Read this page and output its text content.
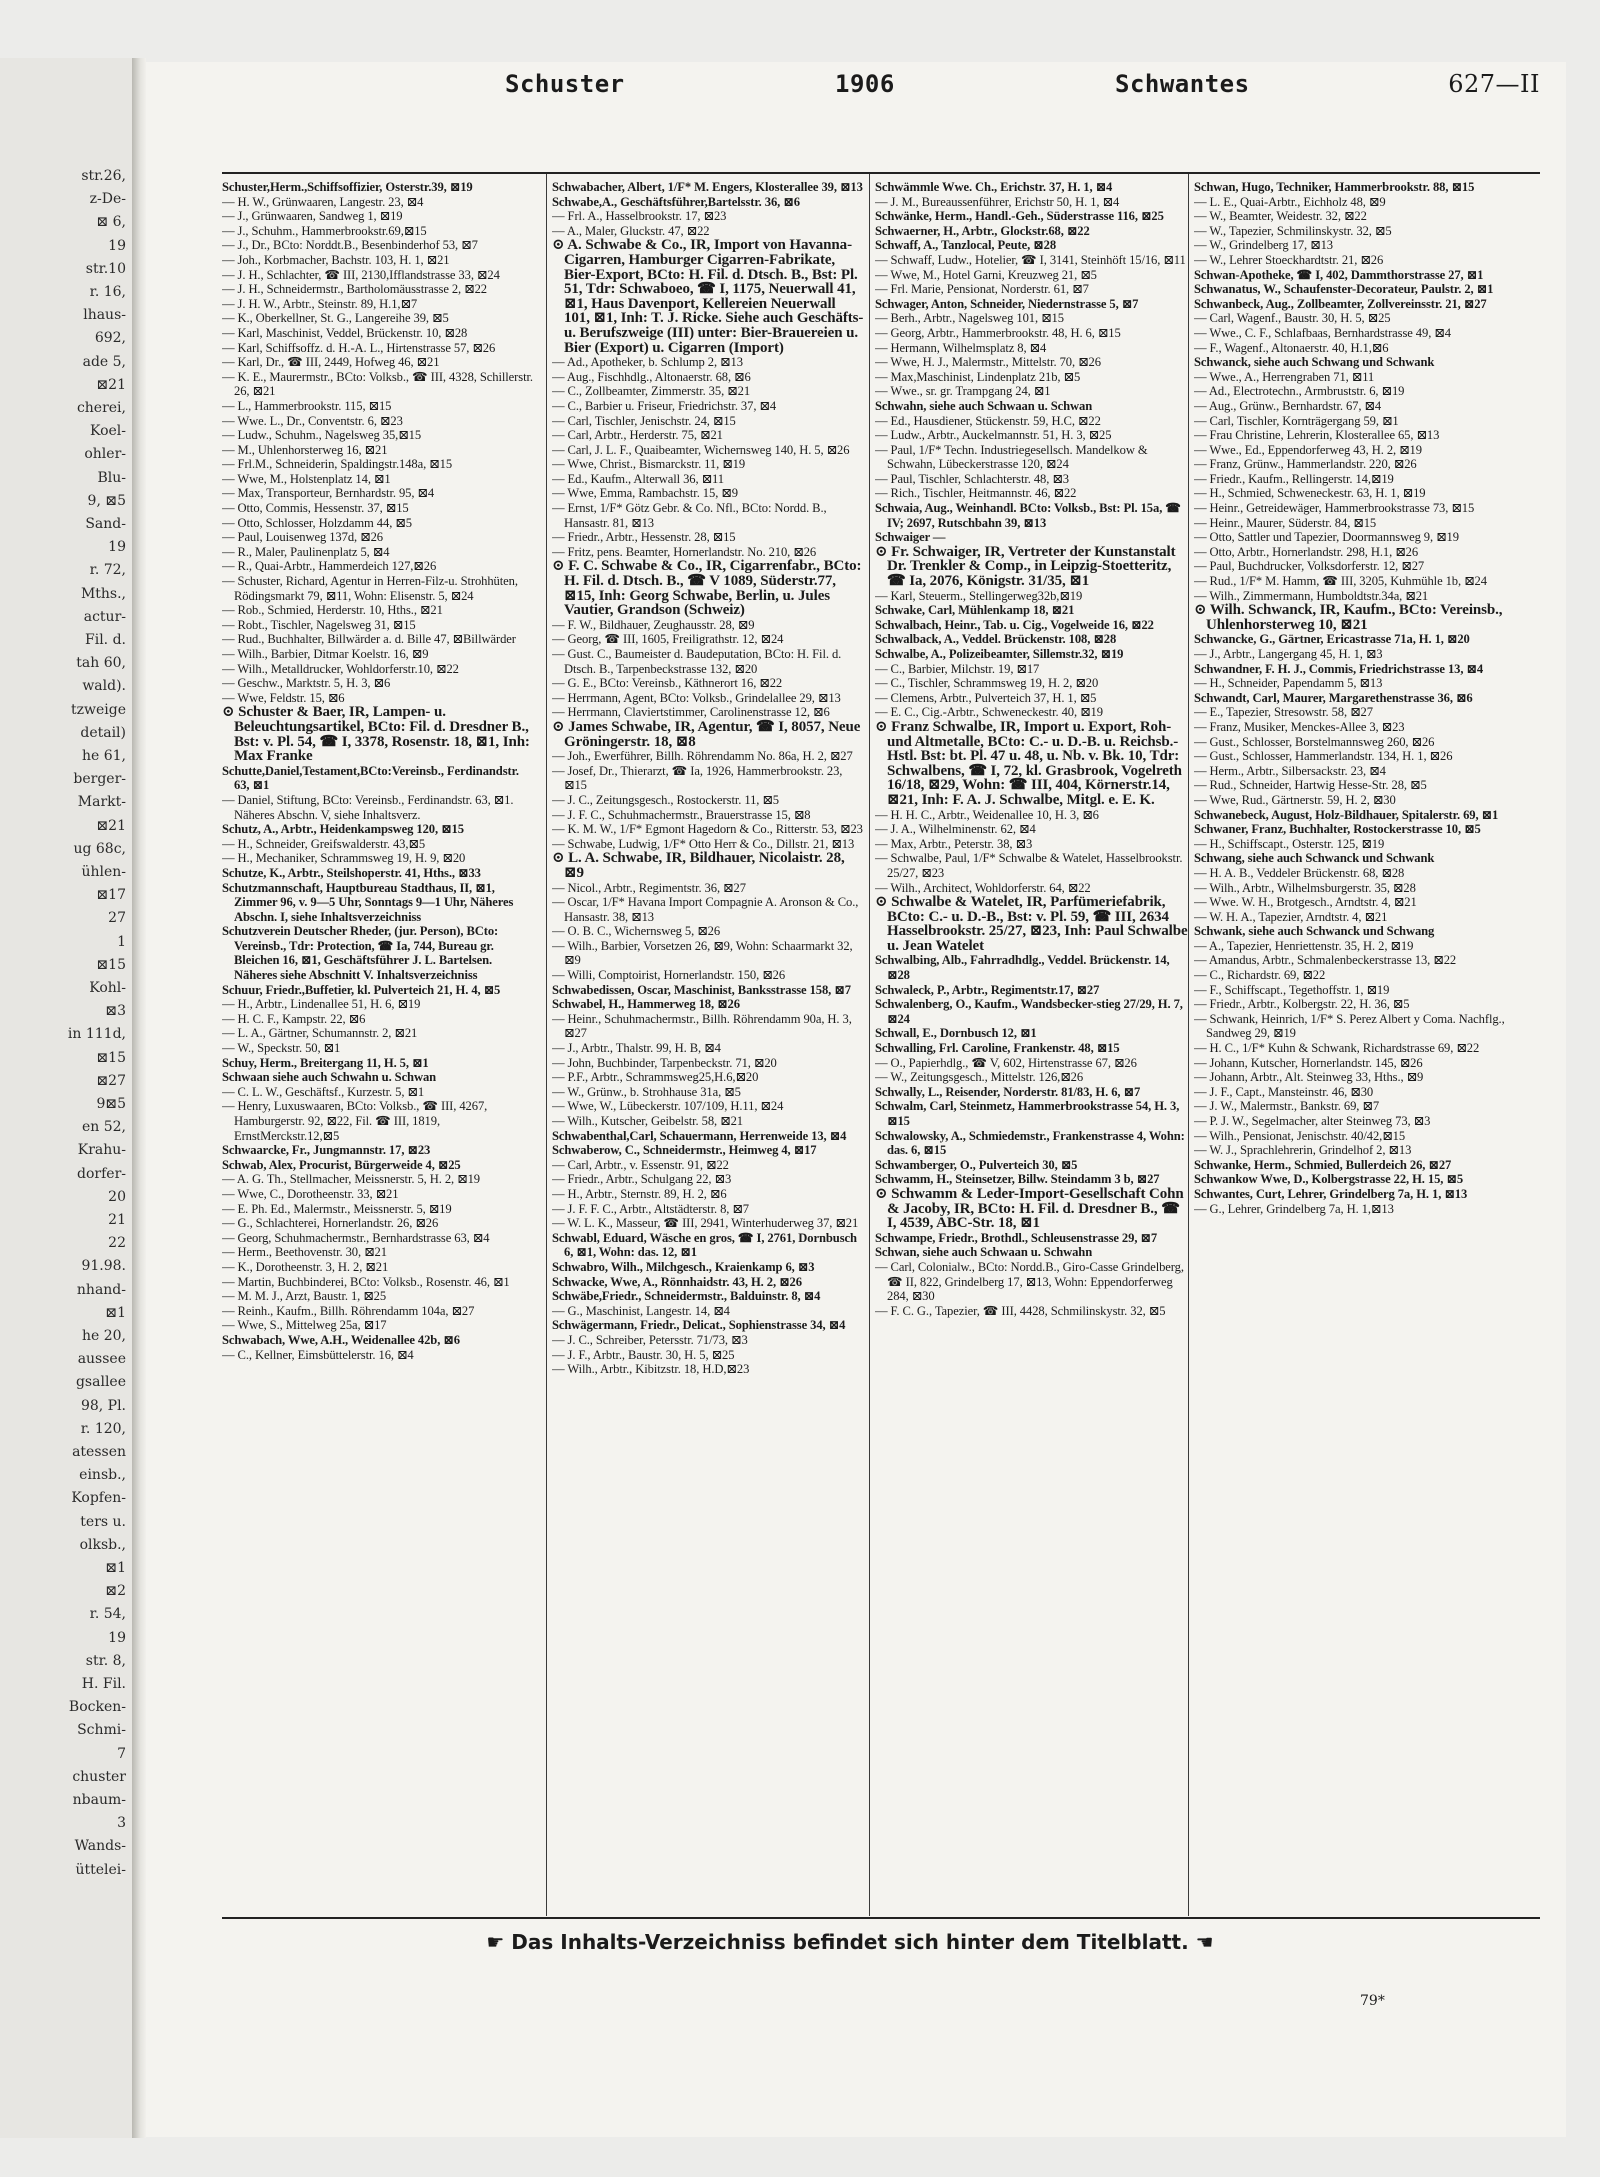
str.26,
z-De-
⊠ 6,
19
str.10
r. 16,
lhaus-
692,
ade 5,
⊠21
cherei,
Koel-
ohler-
Blu-
9, ⊠5
Sand-
19
r. 72,
Mths.,
actur-
Fil. d.
tah 60,
wald).
tzweige
detail)
he 61,
berger-
Markt-
⊠21
ug 68c,
ühlen-
⊠17
27
1
⊠15
Kohl-
⊠3
in 111d,
⊠15
⊠27
9⊠5
en 52,
Krahu-
dorfer-
20
21
22
91.98.
nhand-
⊠1
he 20,
aussee
gsallee
98, Pl.
r. 120,
atessen
einsb.,
Kopfen-
ters u.
olksb.,
⊠1
⊠2
r. 54,
19
str. 8,
H. Fil.
Bocken-
Schmi-
7
chuster
nbaum-
3
Wands-
üttelei-
Schuster	1906	Schwantes	627—II

Schuster,Herm.,Schiffsoffizier, Osterstr.39, ⊠19

— H. W., Grünwaaren, Langestr. 23, ⊠4

— J., Grünwaaren, Sandweg 1, ⊠19

— J., Schuhm., Hammerbrookstr.69,⊠15

— J., Dr., BCto: Norddt.B., Besenbinderhof 53, ⊠7

— Joh., Korbmacher, Bachstr. 103, H. 1, ⊠21

— J. H., Schlachter, ☎ III, 2130,Ifflandstrasse 33, ⊠24

— J. H., Schneidermstr., Bartholomäusstrasse 2, ⊠22

— J. H. W., Arbtr., Steinstr. 89, H.1,⊠7

— K., Oberkellner, St. G., Langereihe 39, ⊠5

— Karl, Maschinist, Veddel, Brückenstr. 10, ⊠28

— Karl, Schiffsoffz. d. H.-A. L., Hirtenstrasse 57, ⊠26

— Karl, Dr., ☎ III, 2449, Hofweg 46, ⊠21

— K. E., Maurermstr., BCto: Volksb., ☎ III, 4328, Schillerstr. 26, ⊠21

— L., Hammerbrookstr. 115, ⊠15

— Wwe. L., Dr., Conventstr. 6, ⊠23

— Ludw., Schuhm., Nagelsweg 35,⊠15

— M., Uhlenhorsterweg 16, ⊠21

— Frl.M., Schneiderin, Spaldingstr.148a, ⊠15

— Wwe, M., Holstenplatz 14, ⊠1

— Max, Transporteur, Bernhardstr. 95, ⊠4

— Otto, Commis, Hessenstr. 37, ⊠15

— Otto, Schlosser, Holzdamm 44, ⊠5

— Paul, Louisenweg 137d, ⊠26

— R., Maler, Paulinenplatz 5, ⊠4

— R., Quai-Arbtr., Hammerdeich 127,⊠26

— Schuster, Richard, Agentur in Herren-Filz-u. Strohhüten, Rödingsmarkt 79, ⊠11, Wohn: Elisenstr. 5, ⊠24

— Rob., Schmied, Herderstr. 10, Hths., ⊠21

— Robt., Tischler, Nagelsweg 31, ⊠15

— Rud., Buchhalter, Billwärder a. d. Bille 47, ⊠Billwärder

— Wilh., Barbier, Ditmar Koelstr. 16, ⊠9

— Wilh., Metalldrucker, Wohldorferstr.10, ⊠22

— Geschw., Marktstr. 5, H. 3, ⊠6

— Wwe, Feldstr. 15, ⊠6

⊙ Schuster & Baer, IR, Lampen- u. Beleuchtungsartikel, BCto: Fil. d. Dresdner B., Bst: v. Pl. 54, ☎ I, 3378, Rosenstr. 18, ⊠1, Inh: Max Franke

Schutte,Daniel,Testament,BCto:Vereinsb., Ferdinandstr. 63, ⊠1

— Daniel, Stiftung, BCto: Vereinsb., Ferdinandstr. 63, ⊠1. Näheres Abschn. V, siehe Inhaltsverz.

Schutz, A., Arbtr., Heidenkampsweg 120, ⊠15

— H., Schneider, Greifswalderstr. 43,⊠5

— H., Mechaniker, Schrammsweg 19, H. 9, ⊠20

Schutze, K., Arbtr., Steilshoperstr. 41, Hths., ⊠33

Schutzmannschaft, Hauptbureau Stadthaus, II, ⊠1, Zimmer 96, v. 9—5 Uhr, Sonntags 9—1 Uhr, Näheres Abschn. I, siehe Inhaltsverzeichniss

Schutzverein Deutscher Rheder, (jur. Person), BCto: Vereinsb., Tdr: Protection, ☎ Ia, 744, Bureau gr. Bleichen 16, ⊠1, Geschäftsführer J. L. Bartelsen. Näheres siehe Abschnitt V. Inhaltsverzeichniss

Schuur, Friedr.,Buffetier, kl. Pulverteich 21, H. 4, ⊠5

— H., Arbtr., Lindenallee 51, H. 6, ⊠19

— H. C. F., Kampstr. 22, ⊠6

— L. A., Gärtner, Schumannstr. 2, ⊠21

— W., Speckstr. 50, ⊠1

Schuy, Herm., Breitergang 11, H. 5, ⊠1

Schwaan siehe auch Schwahn u. Schwan

— C. L. W., Geschäftsf., Kurzestr. 5, ⊠1

— Henry, Luxuswaaren, BCto: Volksb., ☎ III, 4267, Hamburgerstr. 92, ⊠22, Fil. ☎ III, 1819, ErnstMerckstr.12,⊠5

Schwaarcke, Fr., Jungmannstr. 17, ⊠23

Schwab, Alex, Procurist, Bürgerweide 4, ⊠25

— A. G. Th., Stellmacher, Meissnerstr. 5, H. 2, ⊠19

— Wwe, C., Dorotheenstr. 33, ⊠21

— E. Ph. Ed., Malermstr., Meissnerstr. 5, ⊠19

— G., Schlachterei, Hornerlandstr. 26, ⊠26

— Georg, Schuhmachermstr., Bernhardstrasse 63, ⊠4

— Herm., Beethovenstr. 30, ⊠21

— K., Dorotheenstr. 3, H. 2, ⊠21

— Martin, Buchbinderei, BCto: Volksb., Rosenstr. 46, ⊠1

— M. M. J., Arzt, Baustr. 1, ⊠25

— Reinh., Kaufm., Billh. Röhrendamm 104a, ⊠27

— Wwe, S., Mittelweg 25a, ⊠17

Schwabach, Wwe, A.H., Weidenallee 42b, ⊠6

— C., Kellner, Eimsbüttelerstr. 16, ⊠4

Schwabacher, Albert, 1/F* M. Engers, Klosterallee 39, ⊠13

Schwabe,A., Geschäftsführer,Bartelsstr. 36, ⊠6

— Frl. A., Hasselbrookstr. 17, ⊠23

— A., Maler, Gluckstr. 47, ⊠22

⊙ A. Schwabe & Co., IR, Import von Havanna-Cigarren, Hamburger Cigarren-Fabrikate, Bier-Export, BCto: H. Fil. d. Dtsch. B., Bst: Pl. 51, Tdr: Schwaboeo, ☎ I, 1175, Neuerwall 41, ⊠1, Haus Davenport, Kellereien Neuerwall 101, ⊠1, Inh: T. J. Ricke. Siehe auch Geschäfts- u. Berufszweige (III) unter: Bier-Brauereien u. Bier (Export) u. Cigarren (Import)

— Ad., Apotheker, b. Schlump 2, ⊠13

— Aug., Fischhdlg., Altonaerstr. 68, ⊠6

— C., Zollbeamter, Zimmerstr. 35, ⊠21

— C., Barbier u. Friseur, Friedrichstr. 37, ⊠4

— Carl, Tischler, Jenischstr. 24, ⊠15

— Carl, Arbtr., Herderstr. 75, ⊠21

— Carl, J. L. F., Quaibeamter, Wichernsweg 140, H. 5, ⊠26

— Wwe, Christ., Bismarckstr. 11, ⊠19

— Ed., Kaufm., Alterwall 36, ⊠11

— Wwe, Emma, Rambachstr. 15, ⊠9

— Ernst, 1/F* Götz Gebr. & Co. Nfl., BCto: Nordd. B., Hansastr. 81, ⊠13

— Friedr., Arbtr., Hessenstr. 28, ⊠15

— Fritz, pens. Beamter, Hornerlandstr. No. 210, ⊠26

⊙ F. C. Schwabe & Co., IR, Cigarrenfabr., BCto: H. Fil. d. Dtsch. B., ☎ V 1089, Süderstr.77, ⊠15, Inh: Georg Schwabe, Berlin, u. Jules Vautier, Grandson (Schweiz)

— F. W., Bildhauer, Zeughausstr. 28, ⊠9

— Georg, ☎ III, 1605, Freiligrathstr. 12, ⊠24

— Gust. C., Baumeister d. Baudeputation, BCto: H. Fil. d. Dtsch. B., Tarpenbeckstrasse 132, ⊠20

— G. E., BCto: Vereinsb., Käthnerort 16, ⊠22

— Herrmann, Agent, BCto: Volksb., Grindelallee 29, ⊠13

— Herrmann, Claviertstimmer, Carolinenstrasse 12, ⊠6

⊙ James Schwabe, IR, Agentur, ☎ I, 8057, Neue Gröningerstr. 18, ⊠8

— Joh., Ewerführer, Billh. Röhrendamm No. 86a, H. 2, ⊠27

— Josef, Dr., Thierarzt, ☎ Ia, 1926, Hammerbrookstr. 23, ⊠15

— J. C., Zeitungsgesch., Rostockerstr. 11, ⊠5

— J. F. C., Schuhmachermstr., Brauerstrasse 15, ⊠8

— K. M. W., 1/F* Egmont Hagedorn & Co., Ritterstr. 53, ⊠23

— Schwabe, Ludwig, 1/F* Otto Herr & Co., Dillstr. 21, ⊠13

⊙ L. A. Schwabe, IR, Bildhauer, Nicolaistr. 28, ⊠9

— Nicol., Arbtr., Regimentstr. 36, ⊠27

— Oscar, 1/F* Havana Import Compagnie A. Aronson & Co., Hansastr. 38, ⊠13

— O. B. C., Wichernsweg 5, ⊠26

— Wilh., Barbier, Vorsetzen 26, ⊠9, Wohn: Schaarmarkt 32, ⊠9

— Willi, Comptoirist, Hornerlandstr. 150, ⊠26

Schwabedissen, Oscar, Maschinist, Banksstrasse 158, ⊠7

Schwabel, H., Hammerweg 18, ⊠26

— Heinr., Schuhmachermstr., Billh. Röhrendamm 90a, H. 3, ⊠27

— J., Arbtr., Thalstr. 99, H. B, ⊠4

— John, Buchbinder, Tarpenbeckstr. 71, ⊠20

— P.F., Arbtr., Schrammsweg25,H.6,⊠20

— W., Grünw., b. Strohhause 31a, ⊠5

— Wwe, W., Lübeckerstr. 107/109, H.11, ⊠24

— Wilh., Kutscher, Geibelstr. 58, ⊠21

Schwabenthal,Carl, Schauermann, Herrenweide 13, ⊠4

Schwaberow, C., Schneidermstr., Heimweg 4, ⊠17

— Carl, Arbtr., v. Essenstr. 91, ⊠22

— Friedr., Arbtr., Schulgang 22, ⊠3

— H., Arbtr., Sternstr. 89, H. 2, ⊠6

— J. F. F. C., Arbtr., Altstädterstr. 8, ⊠7

— W. L. K., Masseur, ☎ III, 2941, Winterhuderweg 37, ⊠21

Schwabl, Eduard, Wäsche en gros, ☎ I, 2761, Dornbusch 6, ⊠1, Wohn: das. 12, ⊠1

Schwabro, Wilh., Milchgesch., Kraienkamp 6, ⊠3

Schwacke, Wwe, A., Rönnhaidstr. 43, H. 2, ⊠26

Schwäbe,Friedr., Schneidermstr., Balduinstr. 8, ⊠4

— G., Maschinist, Langestr. 14, ⊠4

Schwägermann, Friedr., Delicat., Sophienstrasse 34, ⊠4

— J. C., Schreiber, Petersstr. 71/73, ⊠3

— J. F., Arbtr., Baustr. 30, H. 5, ⊠25

— Wilh., Arbtr., Kibitzstr. 18, H.D,⊠23

Schwämmle Wwe. Ch., Erichstr. 37, H. 1, ⊠4

— J. M., Bureaussenführer, Erichstr 50, H. 1, ⊠4

Schwänke, Herm., Handl.-Geh., Süderstrasse 116, ⊠25

Schwaerner, H., Arbtr., Glockstr.68, ⊠22

Schwaff, A., Tanzlocal, Peute, ⊠28

— Schwaff, Ludw., Hotelier, ☎ I, 3141, Steinhöft 15/16, ⊠11

— Wwe, M., Hotel Garni, Kreuzweg 21, ⊠5

— Frl. Marie, Pensionat, Norderstr. 61, ⊠7

Schwager, Anton, Schneider, Niedernstrasse 5, ⊠7

— Berh., Arbtr., Nagelsweg 101, ⊠15

— Georg, Arbtr., Hammerbrookstr. 48, H. 6, ⊠15

— Hermann, Wilhelmsplatz 8, ⊠4

— Wwe, H. J., Malermstr., Mittelstr. 70, ⊠26

— Max,Maschinist, Lindenplatz 21b, ⊠5

— Wwe., sr. gr. Trampgang 24, ⊠1

Schwahn, siehe auch Schwaan u. Schwan

— Ed., Hausdiener, Stückenstr. 59, H.C, ⊠22

— Ludw., Arbtr., Auckelmannstr. 51, H. 3, ⊠25

— Paul, 1/F* Techn. Industriegesellsch. Mandelkow & Schwahn, Lübeckerstrasse 120, ⊠24

— Paul, Tischler, Schlachterstr. 48, ⊠3

— Rich., Tischler, Heitmannstr. 46, ⊠22

Schwaia, Aug., Weinhandl. BCto: Volksb., Bst: Pl. 15a, ☎ IV; 2697, Rutschbahn 39, ⊠13

Schwaiger —

⊙ Fr. Schwaiger, IR, Vertreter der Kunstanstalt Dr. Trenkler & Comp., in Leipzig-Stoetteritz, ☎ Ia, 2076, Königstr. 31/35, ⊠1

— Karl, Steuerm., Stellingerweg32b,⊠19

Schwake, Carl, Mühlenkamp 18, ⊠21

Schwalbach, Heinr., Tab. u. Cig., Vogelweide 16, ⊠22

Schwalback, A., Veddel. Brückenstr. 108, ⊠28

Schwalbe, A., Polizeibeamter, Sillemstr.32, ⊠19

— C., Barbier, Milchstr. 19, ⊠17

— C., Tischler, Schrammsweg 19, H. 2, ⊠20

— Clemens, Arbtr., Pulverteich 37, H. 1, ⊠5

— E. C., Cig.-Arbtr., Schweneckestr. 40, ⊠19

⊙ Franz Schwalbe, IR, Import u. Export, Roh- und Altmetalle, BCto: C.- u. D.-B. u. Reichsb.-Hstl. Bst: bt. Pl. 47 u. 48, u. Nb. v. Bk. 10, Tdr: Schwalbens, ☎ I, 72, kl. Grasbrook, Vogelreth 16/18, ⊠29, Wohn: ☎ III, 404, Körnerstr.14, ⊠21, Inh: F. A. J. Schwalbe, Mitgl. e. E. K.

— H. H. C., Arbtr., Weidenallee 10, H. 3, ⊠6

— J. A., Wilhelminenstr. 62, ⊠4

— Max, Arbtr., Peterstr. 38, ⊠3

— Schwalbe, Paul, 1/F* Schwalbe & Watelet, Hasselbrookstr. 25/27, ⊠23

— Wilh., Architect, Wohldorferstr. 64, ⊠22

⊙ Schwalbe & Watelet, IR, Parfümeriefabrik, BCto: C.- u. D.-B., Bst: v. Pl. 59, ☎ III, 2634 Hasselbrookstr. 25/27, ⊠23, Inh: Paul Schwalbe u. Jean Watelet

Schwalbing, Alb., Fahrradhdlg., Veddel. Brückenstr. 14, ⊠28

Schwaleck, P., Arbtr., Regimentstr.17, ⊠27

Schwalenberg, O., Kaufm., Wandsbecker-stieg 27/29, H. 7, ⊠24

Schwall, E., Dornbusch 12, ⊠1

Schwalling, Frl. Caroline, Frankenstr. 48, ⊠15

— O., Papierhdlg., ☎ V, 602, Hirtenstrasse 67, ⊠26

— W., Zeitungsgesch., Mittelstr. 126,⊠26

Schwally, L., Reisender, Norderstr. 81/83, H. 6, ⊠7

Schwalm, Carl, Steinmetz, Hammerbrookstrasse 54, H. 3, ⊠15

Schwalowsky, A., Schmiedemstr., Frankenstrasse 4, Wohn: das. 6, ⊠15

Schwamberger, O., Pulverteich 30, ⊠5

Schwamm, H., Steinsetzer, Billw. Steindamm 3 b, ⊠27

⊙ Schwamm & Leder-Import-Gesellschaft Cohn & Jacoby, IR, BCto: H. Fil. d. Dresdner B., ☎ I, 4539, ABC-Str. 18, ⊠1

Schwampe, Friedr., Brothdl., Schleusenstrasse 29, ⊠7

Schwan, siehe auch Schwaan u. Schwahn

— Carl, Colonialw., BCto: Nordd.B., Giro-Casse Grindelberg, ☎ II, 822, Grindelberg 17, ⊠13, Wohn: Eppendorferweg 284, ⊠30

— F. C. G., Tapezier, ☎ III, 4428, Schmilinskystr. 32, ⊠5

Schwan, Hugo, Techniker, Hammerbrookstr. 88, ⊠15

— L. E., Quai-Arbtr., Eichholz 48, ⊠9

— W., Beamter, Weidestr. 32, ⊠22

— W., Tapezier, Schmilinskystr. 32, ⊠5

— W., Grindelberg 17, ⊠13

— W., Lehrer Stoeckhardtstr. 21, ⊠26

Schwan-Apotheke, ☎ I, 402, Dammthorstrasse 27, ⊠1

Schwanatus, W., Schaufenster-Decorateur, Paulstr. 2, ⊠1

Schwanbeck, Aug., Zollbeamter, Zollvereinsstr. 21, ⊠27

— Carl, Wagenf., Baustr. 30, H. 5, ⊠25

— Wwe., C. F., Schlafbaas, Bernhardstrasse 49, ⊠4

— F., Wagenf., Altonaerstr. 40, H.1,⊠6

Schwanck, siehe auch Schwang und Schwank

— Wwe., A., Herrengraben 71, ⊠11

— Ad., Electrotechn., Armbruststr. 6, ⊠19

— Aug., Grünw., Bernhardstr. 67, ⊠4

— Carl, Tischler, Kornträgergang 59, ⊠1

— Frau Christine, Lehrerin, Klosterallee 65, ⊠13

— Wwe., Ed., Eppendorferweg 43, H. 2, ⊠19

— Franz, Grünw., Hammerlandstr. 220, ⊠26

— Friedr., Kaufm., Rellingerstr. 14,⊠19

— H., Schmied, Schweneckestr. 63, H. 1, ⊠19

— Heinr., Getreidewäger, Hammerbrookstrasse 73, ⊠15

— Heinr., Maurer, Süderstr. 84, ⊠15

— Otto, Sattler und Tapezier, Doormannsweg 9, ⊠19

— Otto, Arbtr., Hornerlandstr. 298, H.1, ⊠26

— Paul, Buchdrucker, Volksdorferstr. 12, ⊠27

— Rud., 1/F* M. Hamm, ☎ III, 3205, Kuhmühle 1b, ⊠24

— Wilh., Zimmermann, Humboldtstr.34a, ⊠21

⊙ Wilh. Schwanck, IR, Kaufm., BCto: Vereinsb., Uhlenhorsterweg 10, ⊠21

Schwancke, G., Gärtner, Ericastrasse 71a, H. 1, ⊠20

— J., Arbtr., Langergang 45, H. 1, ⊠3

Schwandner, F. H. J., Commis, Friedrichstrasse 13, ⊠4

— H., Schneider, Papendamm 5, ⊠13

Schwandt, Carl, Maurer, Margarethenstrasse 36, ⊠6

— E., Tapezier, Stresowstr. 58, ⊠27

— Franz, Musiker, Menckes-Allee 3, ⊠23

— Gust., Schlosser, Borstelmannsweg 260, ⊠26

— Gust., Schlosser, Hammerlandstr. 134, H. 1, ⊠26

— Herm., Arbtr., Silbersackstr. 23, ⊠4

— Rud., Schneider, Hartwig Hesse-Str. 28, ⊠5

— Wwe, Rud., Gärtnerstr. 59, H. 2, ⊠30

Schwanebeck, August, Holz-Bildhauer, Spitalerstr. 69, ⊠1

Schwaner, Franz, Buchhalter, Rostockerstrasse 10, ⊠5

— H., Schiffscapt., Osterstr. 125, ⊠19

Schwang, siehe auch Schwanck und Schwank

— H. A. B., Veddeler Brückenstr. 68, ⊠28

— Wilh., Arbtr., Wilhelmsburgerstr. 35, ⊠28

— Wwe. W. H., Brotgesch., Arndtstr. 4, ⊠21

— W. H. A., Tapezier, Arndtstr. 4, ⊠21

Schwank, siehe auch Schwanck und Schwang

— A., Tapezier, Henriettenstr. 35, H. 2, ⊠19

— Amandus, Arbtr., Schmalenbeckerstrasse 13, ⊠22

— C., Richardstr. 69, ⊠22

— F., Schiffscapt., Tegethoffstr. 1, ⊠19

— Friedr., Arbtr., Kolbergstr. 22, H. 36, ⊠5

— Schwank, Heinrich, 1/F* S. Perez Albert y Coma. Nachflg., Sandweg 29, ⊠19

— H. C., 1/F* Kuhn & Schwank, Richardstrasse 69, ⊠22

— Johann, Kutscher, Hornerlandstr. 145, ⊠26

— Johann, Arbtr., Alt. Steinweg 33, Hths., ⊠9

— J. F., Capt., Mansteinstr. 46, ⊠30

— J. W., Malermstr., Bankstr. 69, ⊠7

— P. J. W., Segelmacher, alter Steinweg 73, ⊠3

— Wilh., Pensionat, Jenischstr. 40/42,⊠15

— W. J., Sprachlehrerin, Grindelhof 2, ⊠13

Schwanke, Herm., Schmied, Bullerdeich 26, ⊠27

Schwankow Wwe, D., Kolbergstrasse 22, H. 15, ⊠5

Schwantes, Curt, Lehrer, Grindelberg 7a, H. 1, ⊠13

— G., Lehrer, Grindelberg 7a, H. 1,⊠13

☛ Das Inhalts-Verzeichniss befindet sich hinter dem Titelblatt. ☚
79*
